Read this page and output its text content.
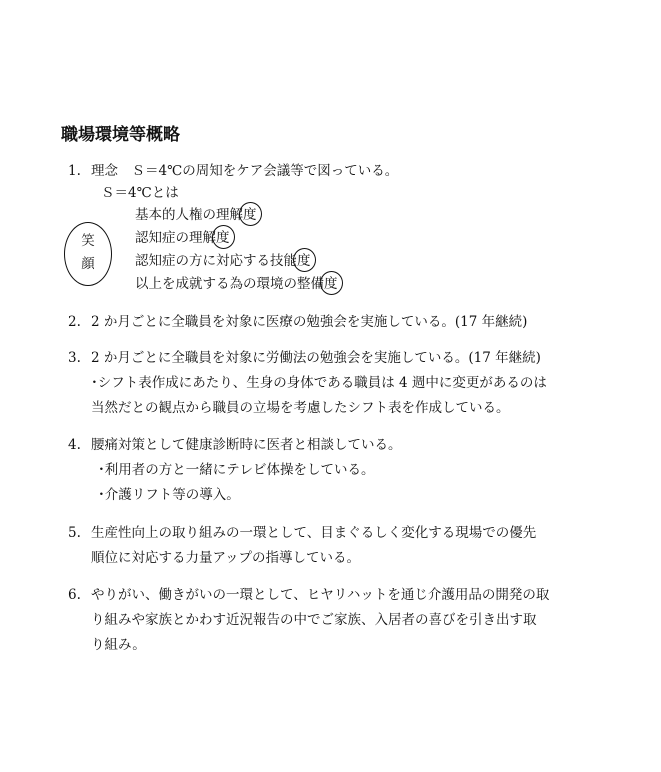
職場環境等概略
1. 理念　Ｓ＝4℃の周知をケア会議等で図っている。
Ｓ＝4℃とは
笑
顔
基本的人権の理解
度
認知症の理解
度
認知症の方に対応する技能
度
以上を成就する為の環境の整備
度
2. 2 か月ごとに全職員を対象に医療の勉強会を実施している。(17 年継続)
3. 2 か月ごとに全職員を対象に労働法の勉強会を実施している。(17 年継続)
･シフト表作成にあたり、生身の身体である職員は 4 週中に変更があるのは
当然だとの観点から職員の立場を考慮したシフト表を作成している。
4. 腰痛対策として健康診断時に医者と相談している。
･利用者の方と一緒にテレビ体操をしている。
･介護リフト等の導入。
5. 生産性向上の取り組みの一環として、目まぐるしく変化する現場での優先
順位に対応する力量アップの指導している。
6. やりがい、働きがいの一環として、ヒヤリハットを通じ介護用品の開発の取
り組みや家族とかわす近況報告の中でご家族、入居者の喜びを引き出す取
り組み。
